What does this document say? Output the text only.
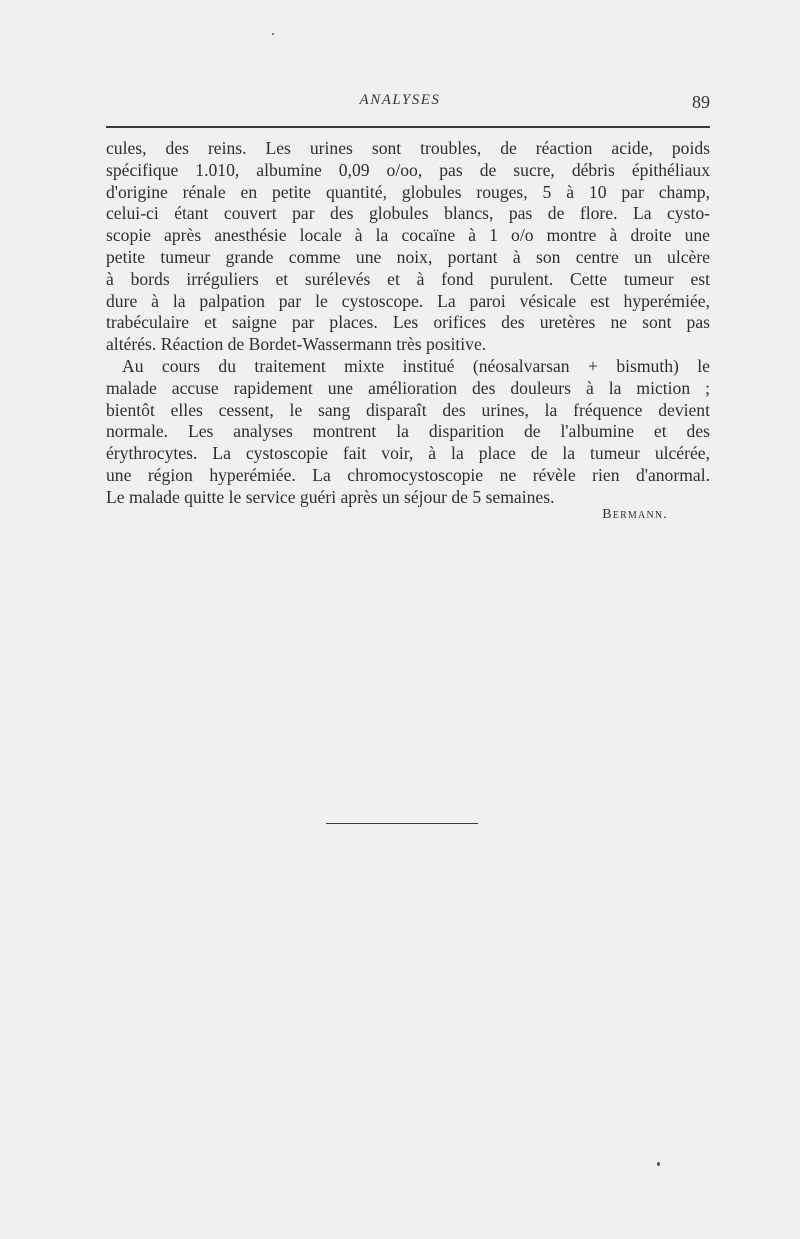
ANALYSES	89

cules, des reins. Les urines sont troubles, de réaction acide, poids
spécifique 1.010, albumine 0,09 o/oo, pas de sucre, débris épithéliaux
d'origine rénale en petite quantité, globules rouges, 5 à 10 par champ,
celui-ci étant couvert par des globules blancs, pas de flore. La cysto-
scopie après anesthésie locale à la cocaïne à 1 o/o montre à droite une
petite tumeur grande comme une noix, portant à son centre un ulcère
à bords irréguliers et surélevés et à fond purulent. Cette tumeur est
dure à la palpation par le cystoscope. La paroi vésicale est hyperémiée,
trabéculaire et saigne par places. Les orifices des uretères ne sont pas
altérés. Réaction de Bordet-Wassermann très positive.

Au cours du traitement mixte institué (néosalvarsan + bismuth) le
malade accuse rapidement une amélioration des douleurs à la miction ;
bientôt elles cessent, le sang disparaît des urines, la fréquence devient
normale. Les analyses montrent la disparition de l'albumine et des
érythrocytes. La cystoscopie fait voir, à la place de la tumeur ulcérée,
une région hyperémiée. La chromocystoscopie ne révèle rien d'anormal.
Le malade quitte le service guéri après un séjour de 5 semaines.

Bermann.
